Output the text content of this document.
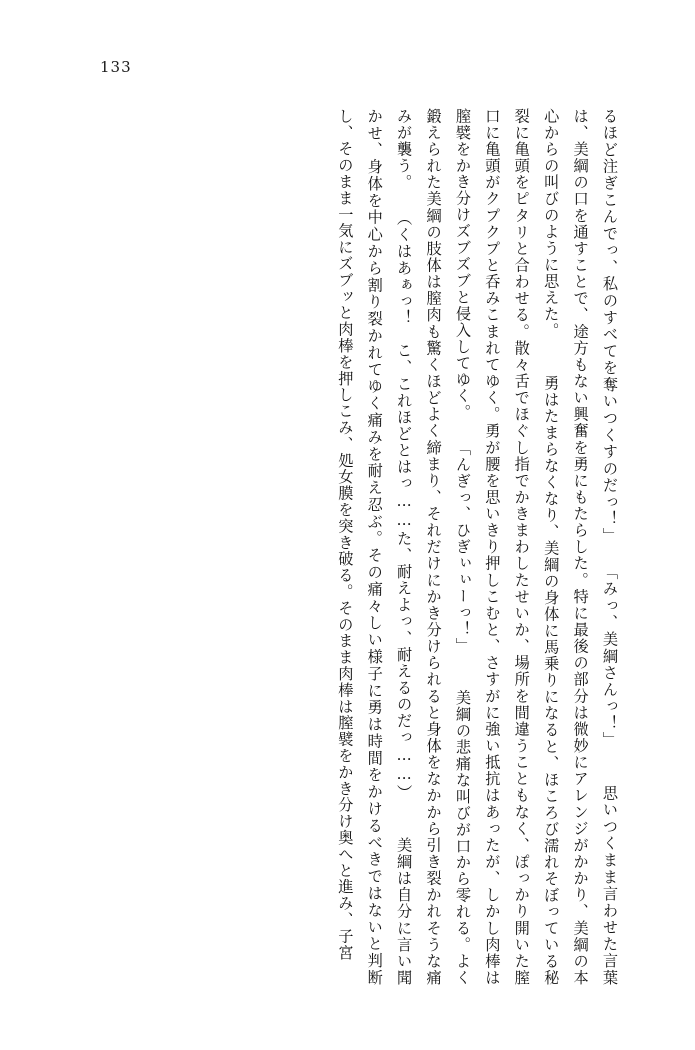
133
るほど注ぎこんでっ、私のすべてを奪いつくすのだっ！」 「みっ、美綱さんっ！」 　思いつくまま言わせた言葉は、美綱の口を通すことで、途方もない興奮を勇にもたらした。特に最後の部分は微妙にアレンジがかかり、美綱の本心からの叫びのように思えた。 　勇はたまらなくなり、美綱の身体に馬乗りになると、ほころび濡れそぼっている秘裂に亀頭をピタリと合わせる。散々舌でほぐし指でかきまわしたせいか、場所を間違うこともなく、ぽっかり開いた膣口に亀頭がクプクプと呑みこまれてゆく。勇が腰を思いきり押しこむと、さすがに強い抵抗はあったが、しかし肉棒は膣襞をかき分けズブズブと侵入してゆく。 「んぎっ、ひぎぃぃーっ！」 　美綱の悲痛な叫びが口から零れる。よく鍛えられた美綱の肢体は膣肉も驚くほどよく締まり、それだけにかき分けられると身体をなかから引き裂かれそうな痛みが襲う。 （くはあぁっ！　こ、これほどとはっ……た、耐えよっ、耐えるのだっ……） 　美綱は自分に言い聞かせ、身体を中心から割り裂かれてゆく痛みを耐え忍ぶ。その痛々しい様子に勇は時間をかけるべきではないと判断し、そのまま一気にズブッと肉棒を押しこみ、処女膜を突き破る。そのまま肉棒は膣襞をかき分け奥へと進み、子宮
